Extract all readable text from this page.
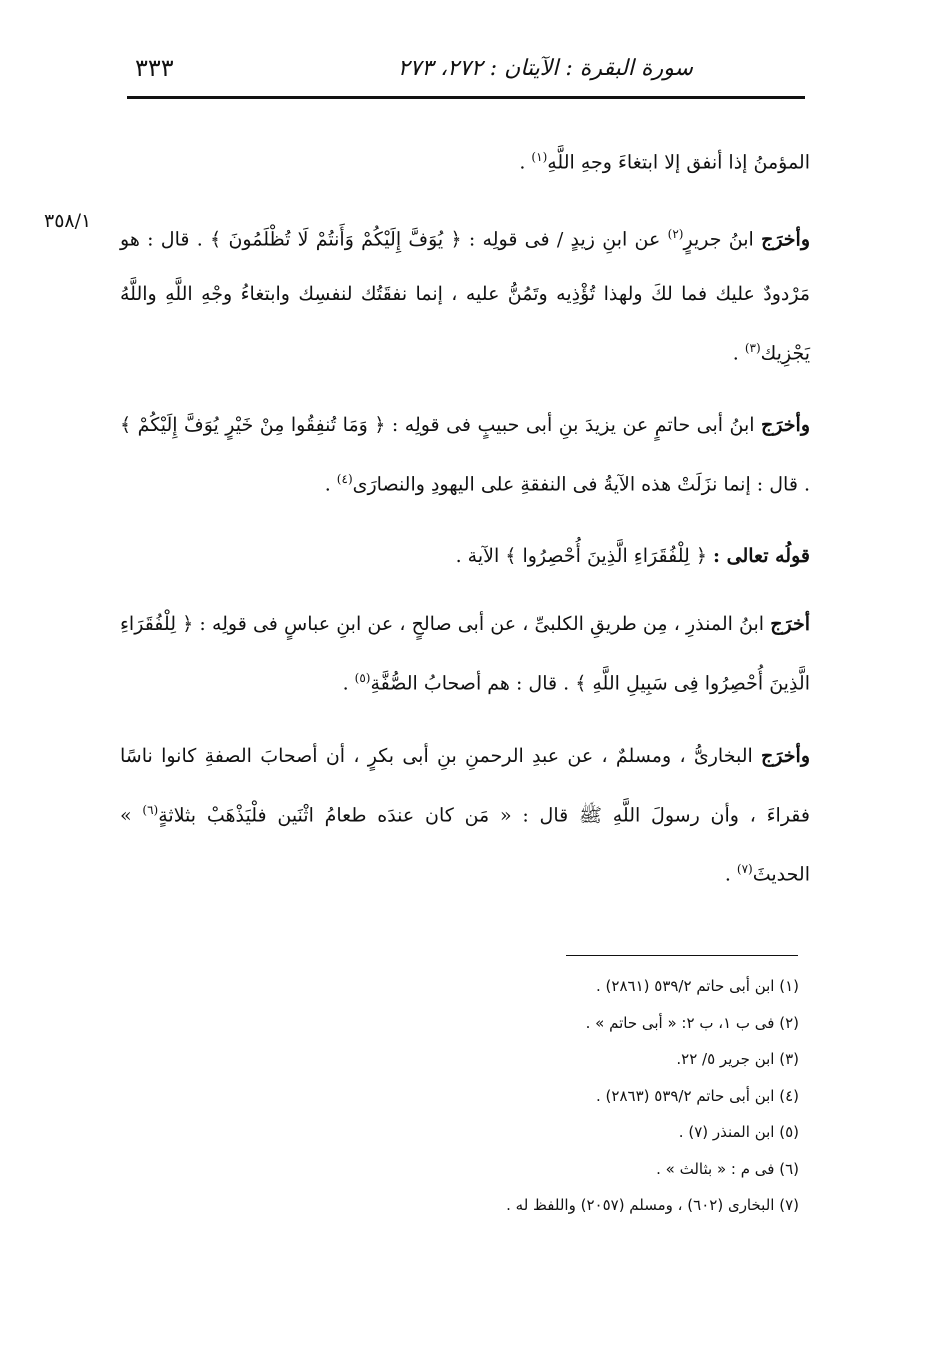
سورة البقرة : الآيتان : ٢٧٢، ٢٧٣
٣٣٣
٣٥٨/١

المؤمنُ إذا أنفق إلا ابتغاءَ وجهِ اللَّهِ$^{(١)}$ .

وأخرَج ابنُ جريرٍ$^{(٢)}$ عن ابنِ زيدٍ / فى قولِه : ﴿ يُوَفَّ إِلَيْكُمْ وَأَنتُمْ لَا تُظْلَمُونَ ﴾ . قال : هو مَرْدودٌ عليك فما لكَ ولهذا تُؤْذِيه وتَمُنُّ عليه ، إنما نفقَتُك لنفسِك وابتغاءُ وجْهِ اللَّهِ واللَّهُ يَجْزِيك$^{(٣)}$ .

وأخرَج ابنُ أبى حاتمٍ عن يزيدَ بنِ أبى حبيبٍ فى قولِه : ﴿ وَمَا تُنفِقُوا مِنْ خَيْرٍ يُوَفَّ إِلَيْكُمْ ﴾ . قال : إنما نزَلَتْ هذه الآيةُ فى النفقةِ على اليهودِ والنصارَى$^{(٤)}$ .

قولُه تعالى : ﴿ لِلْفُقَرَاءِ الَّذِينَ أُحْصِرُوا ﴾ الآية .

أخرَج ابنُ المنذرِ ، مِن طريقِ الكلبىِّ ، عن أبى صالحٍ ، عن ابنِ عباسٍ فى قولِه : ﴿ لِلْفُقَرَاءِ الَّذِينَ أُحْصِرُوا فِى سَبِيلِ اللَّهِ ﴾ . قال : هم أصحابُ الصُّفَّةِ$^{(٥)}$ .

وأخرَج البخارىُّ ، ومسلمٌ ، عن عبدِ الرحمنِ بنِ أبى بكرٍ ، أن أصحابَ الصفةِ كانوا ناسًا فقراءَ ، وأن رسولَ اللَّهِ ﷺ قال : « مَن كان عندَه طعامُ اثْنَين فلْيَذْهَبْ بثلاثةٍ$^{(٦)}$ » الحديثَ$^{(٧)}$ .

(١) ابن أبى حاتم ٥٣٩/٢ (٢٨٦١) .
(٢) فى ب ١، ب ٢: « أبى حاتم » .
(٣) ابن جرير ٥/ ٢٢.
(٤) ابن أبى حاتم ٥٣٩/٢ (٢٨٦٣) .
(٥) ابن المنذر (٧) .
(٦) فى م : « بثالث » .
(٧) البخارى (٦٠٢) ، ومسلم (٢٠٥٧) واللفظ له .
